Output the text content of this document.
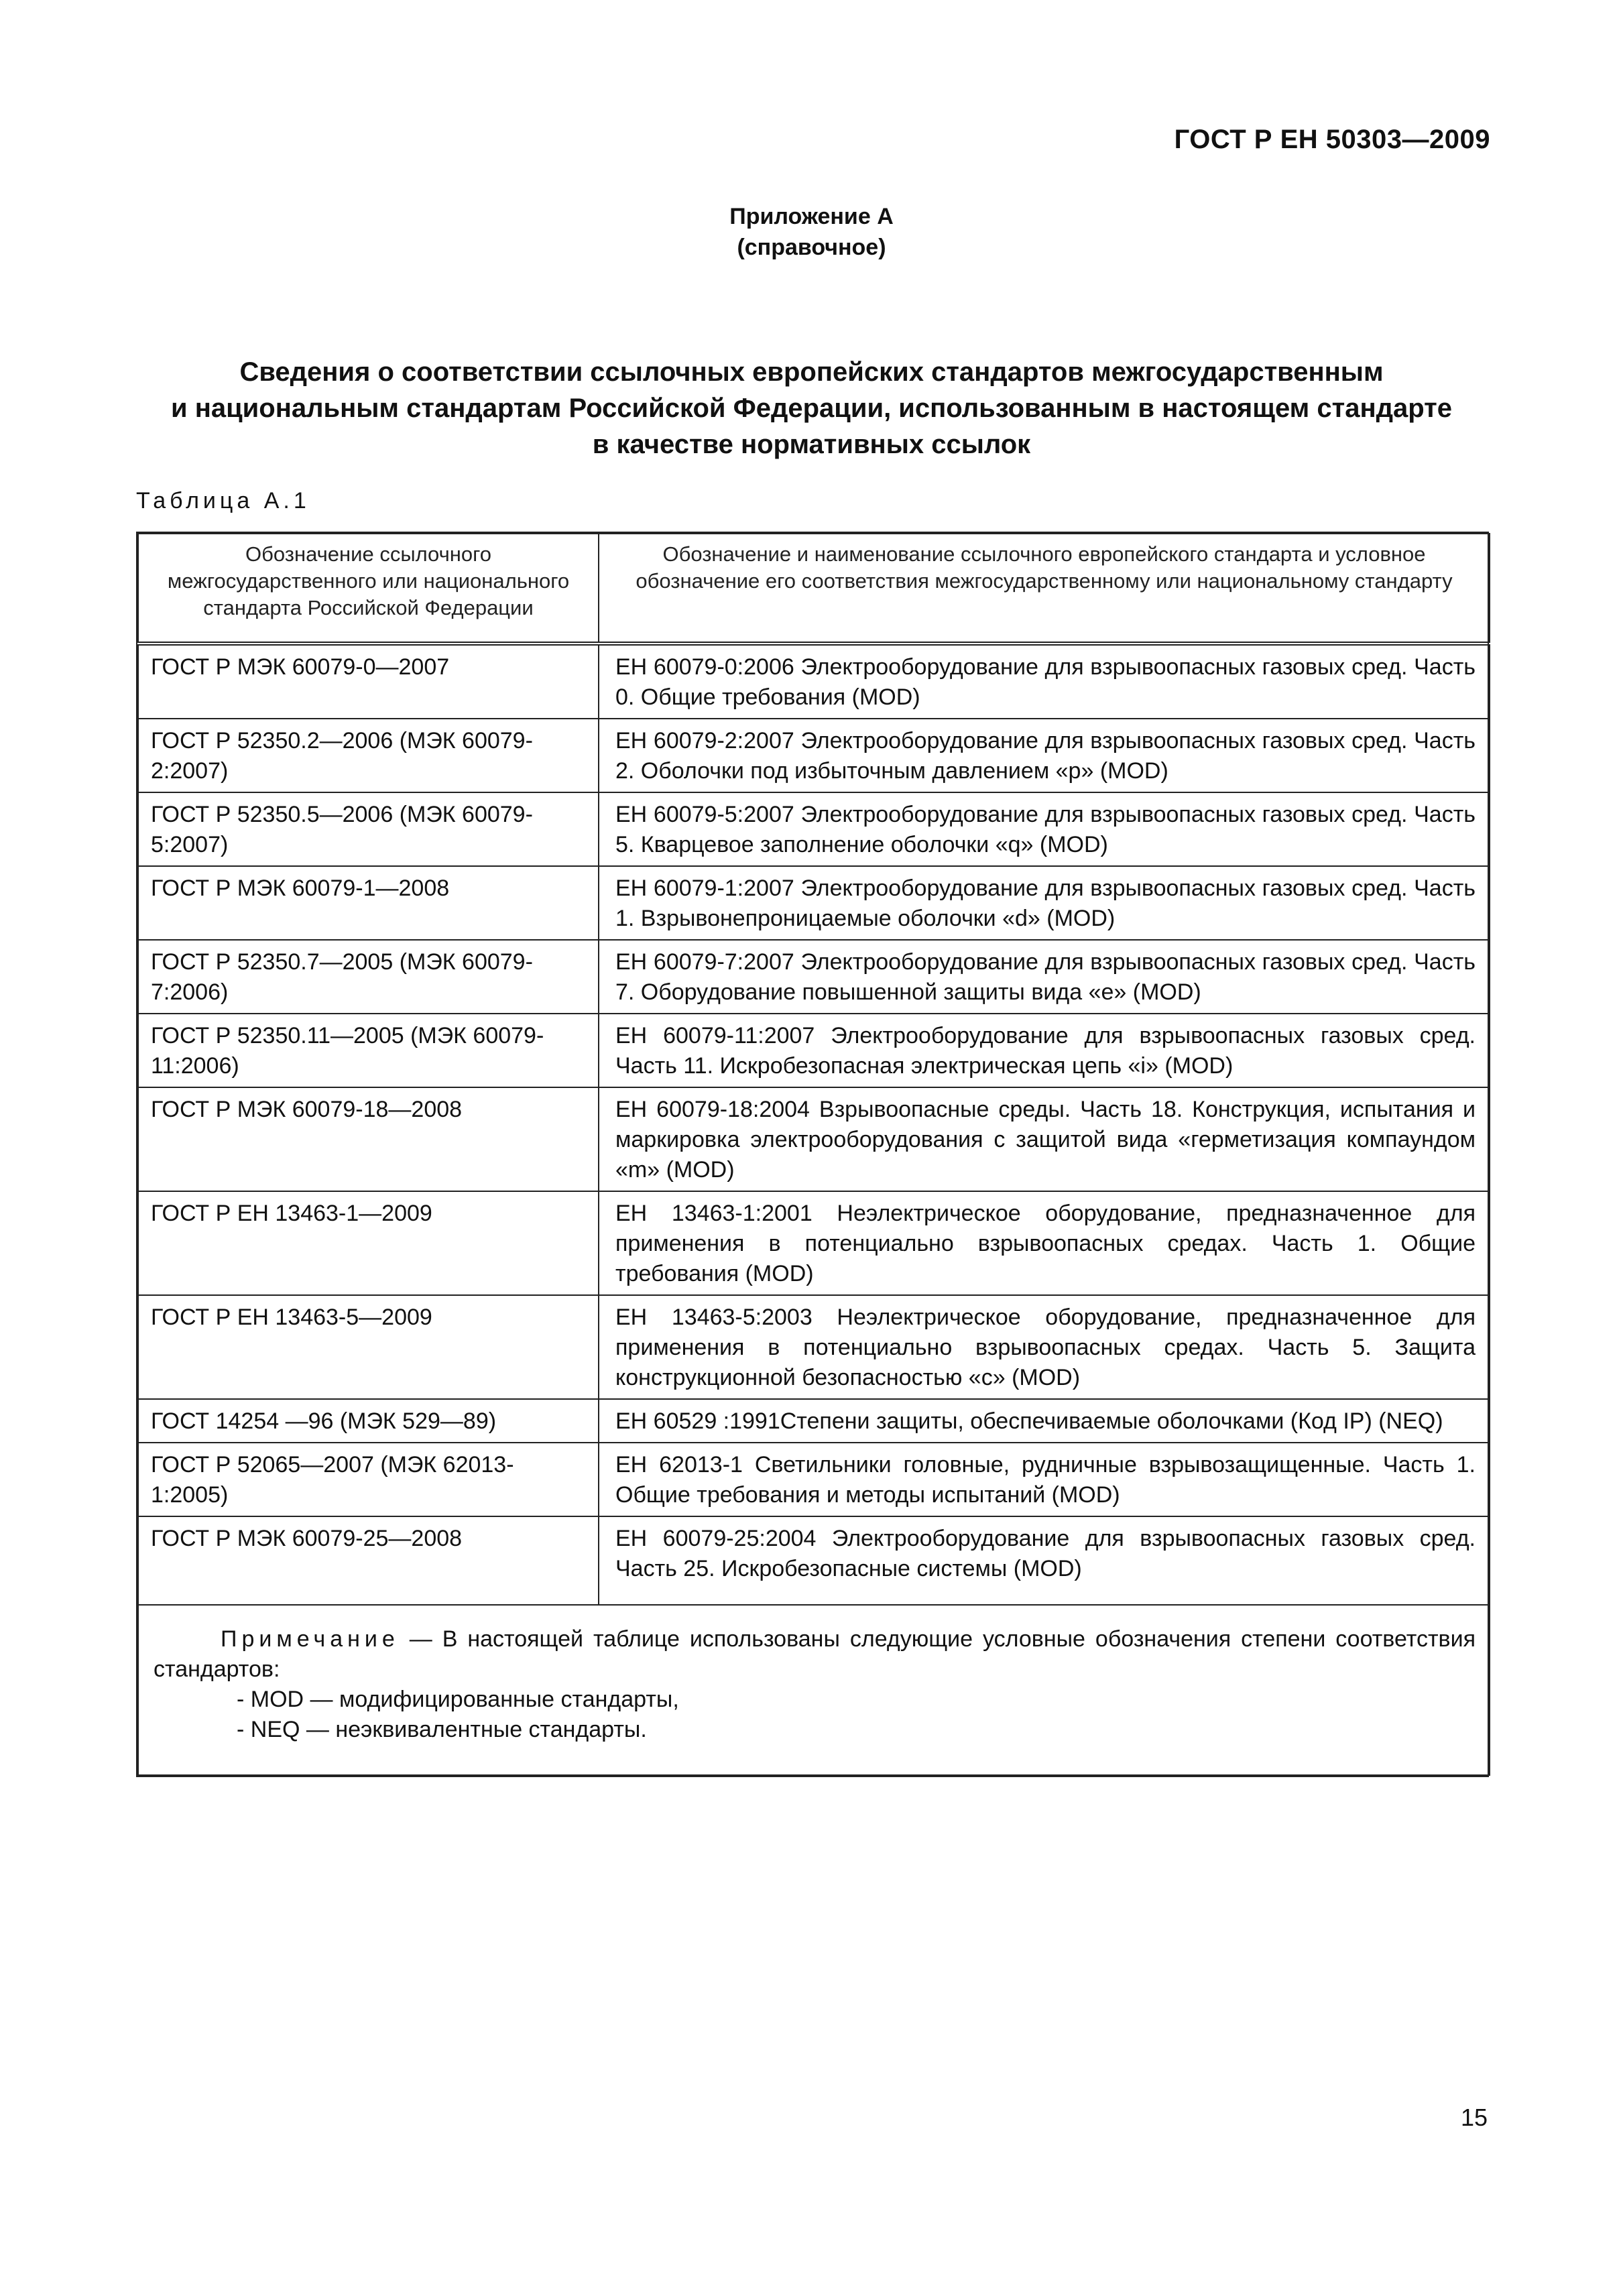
ГОСТ Р ЕН 50303—2009
Приложение А
(справочное)
Сведения о соответствии ссылочных европейских стандартов межгосударственным
и национальным стандартам Российской Федерации, использованным в настоящем стандарте
в качестве нормативных ссылок
Таблица А.1
Обозначение ссылочного межгосударственного или национального стандарта Российской Федерации	Обозначение и наименование ссылочного европейского стандарта и условное обозначение его соответствия межгосударственному или национальному стандарту
ГОСТ Р МЭК 60079-0—2007	ЕН 60079-0:2006 Электрооборудование для взрывоопасных газовых сред. Часть 0. Общие требования (MOD)
ГОСТ Р 52350.2—2006 (МЭК 60079-2:2007)	ЕН 60079-2:2007 Электрооборудование для взрывоопасных газовых сред. Часть 2. Оболочки под избыточным давлением «р» (MOD)
ГОСТ Р 52350.5—2006 (МЭК 60079-5:2007)	ЕН 60079-5:2007 Электрооборудование для взрывоопасных газовых сред. Часть 5. Кварцевое заполнение оболочки «q» (MOD)
ГОСТ Р МЭК 60079-1—2008	ЕН 60079-1:2007 Электрооборудование для взрывоопасных газовых сред. Часть 1. Взрывонепроницаемые оболочки «d» (MOD)
ГОСТ Р 52350.7—2005 (МЭК 60079-7:2006)	ЕН 60079-7:2007 Электрооборудование для взрывоопасных газовых сред. Часть 7. Оборудование повышенной защиты вида «е» (MOD)
ГОСТ Р 52350.11—2005 (МЭК 60079-11:2006)	ЕН 60079-11:2007 Электрооборудование для взрывоопасных газовых сред. Часть 11. Искробезопасная электрическая цепь «i» (MOD)
ГОСТ Р МЭК 60079-18—2008	ЕН 60079-18:2004 Взрывоопасные среды. Часть 18. Конструкция, испытания и маркировка электрооборудования с защитой вида «герметизация компаундом «m» (MOD)
ГОСТ Р ЕН 13463-1—2009	ЕН 13463-1:2001 Неэлектрическое оборудование, предназначенное для применения в потенциально взрывоопасных средах. Часть 1. Общие требования (MOD)
ГОСТ Р ЕН 13463-5—2009	ЕН 13463-5:2003 Неэлектрическое оборудование, предназначенное для применения в потенциально взрывоопасных средах. Часть 5. Защита конструкционной безопасностью «с» (MOD)
ГОСТ 14254 —96 (МЭК 529—89)	ЕН 60529 :1991Степени защиты, обеспечиваемые оболочками (Код IP) (NEQ)
ГОСТ Р 52065—2007 (МЭК 62013-1:2005)	ЕН 62013-1 Светильники головные, рудничные взрывозащищенные. Часть 1. Общие требования и методы испытаний (MOD)
ГОСТ Р МЭК 60079-25—2008	ЕН 60079-25:2004 Электрооборудование для взрывоопасных газовых сред. Часть 25. Искробезопасные системы (MOD)

Примечание — В настоящей таблице использованы следующие условные обозначения степени соответствия стандартов:
- MOD — модифицированные стандарты,
- NEQ — неэквивалентные стандарты.	
15
